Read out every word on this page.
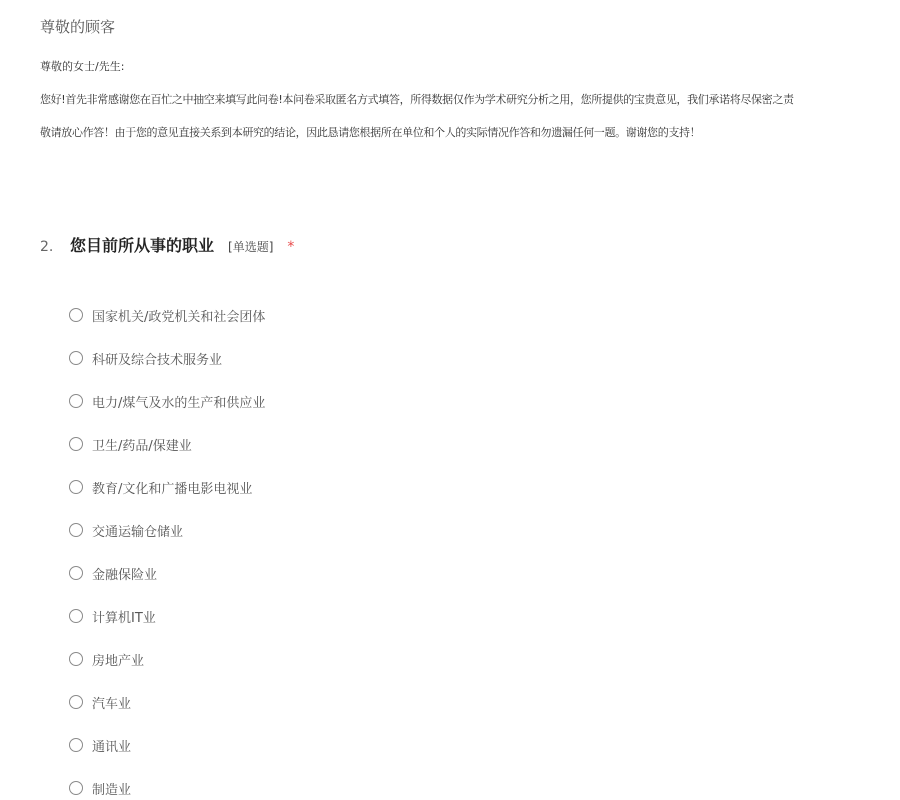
尊敬的顾客
尊敬的女士/先生:
您好!首先非常感谢您在百忙之中抽空来填写此问卷!本问卷采取匿名方式填答，所得数据仅作为学术研究分析之用，您所提供的宝贵意见，我们承诺将尽保密之责
敬请放心作答！由于您的意见直接关系到本研究的结论，因此恳请您根据所在单位和个人的实际情况作答和勿遗漏任何一题。谢谢您的支持！
2.	您目前所从事的职业 [单选题] *
国家机关/政党机关和社会团体
科研及综合技术服务业
电力/煤气及水的生产和供应业
卫生/药品/保建业
教育/文化和广播电影电视业
交通运输仓储业
金融保险业
计算机IT业
房地产业
汽车业
通讯业
制造业
